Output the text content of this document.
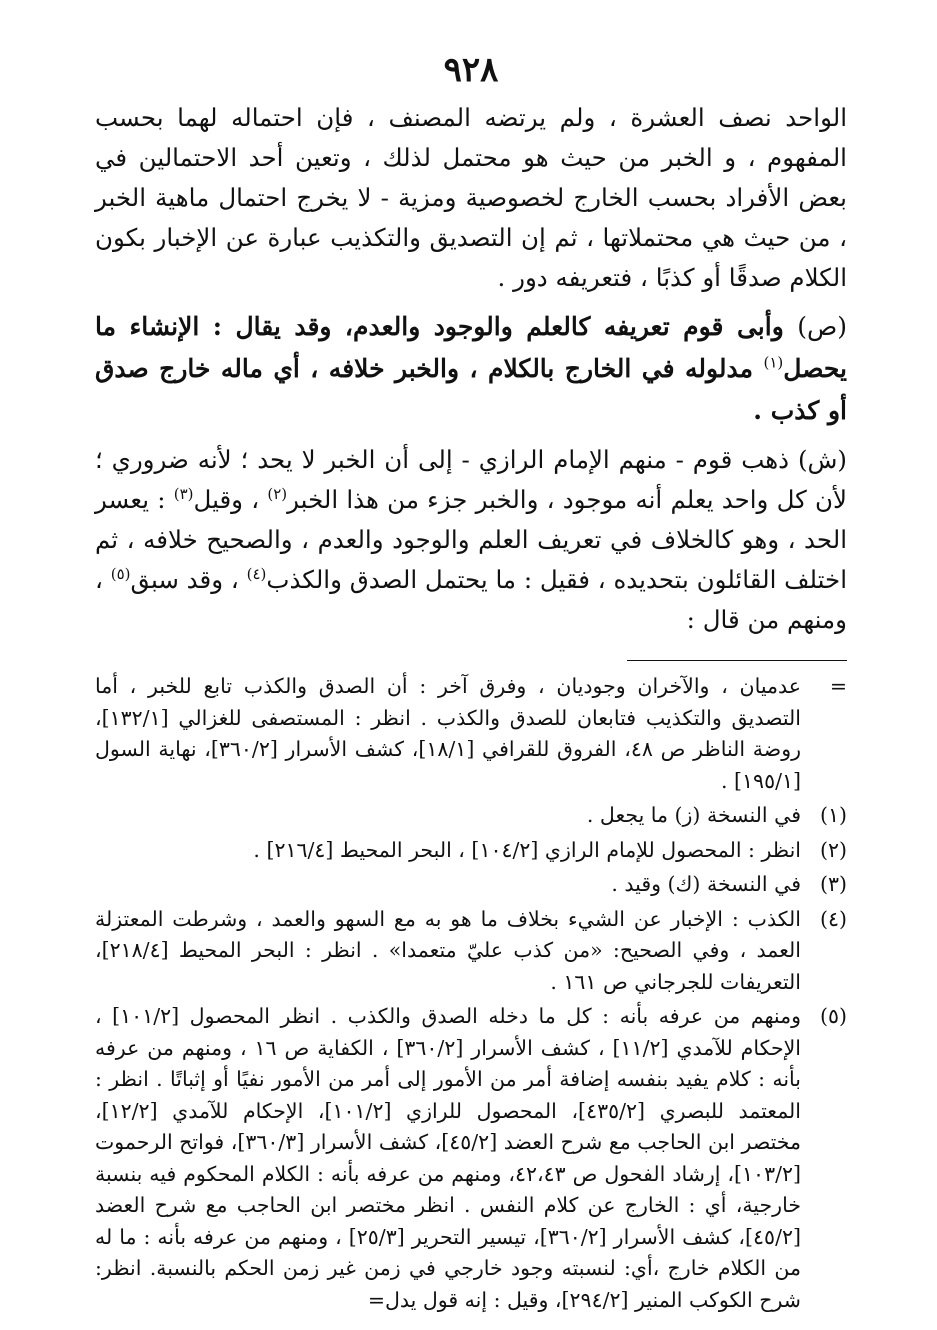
٩٢٨

الواحد نصف العشرة ، ولم يرتضه المصنف ، فإن احتماله لهما بحسب المفهوم ، و الخبر من حيث هو محتمل لذلك ، وتعين أحد الاحتمالين في بعض الأفراد بحسب الخارج لخصوصية ومزية - لا يخرج احتمال ماهية الخبر ، من حيث هي محتملاتها ، ثم إن التصديق والتكذيب عبارة عن الإخبار بكون الكلام صدقًا أو كذبًا ، فتعريفه دور .

(ص) وأبى قوم تعريفه كالعلم والوجود والعدم، وقد يقال : الإنشاء ما يحصل$^{(١)}$ مدلوله في الخارج بالكلام ، والخبر خلافه ، أي ماله خارج صدق أو كذب .

(ش) ذهب قوم - منهم الإمام الرازي - إلى أن الخبر لا يحد ؛ لأنه ضروري ؛ لأن كل واحد يعلم أنه موجود ، والخبر جزء من هذا الخبر$^{(٢)}$ ، وقيل$^{(٣)}$ : يعسر الحد ، وهو كالخلاف في تعريف العلم والوجود والعدم ، والصحيح خلافه ، ثم اختلف القائلون بتحديده ، فقيل : ما يحتمل الصدق والكذب$^{(٤)}$ ، وقد سبق$^{(٥)}$ ، ومنهم من قال :

=
عدميان ، والآخران وجوديان ، وفرق آخر : أن الصدق والكذب تابع للخبر ، أما التصديق والتكذيب فتابعان للصدق والكذب . انظر : المستصفى للغزالي [١٣٢/١]، روضة الناظر ص ٤٨، الفروق للقرافي [١٨/١]، كشف الأسرار [٣٦٠/٢]، نهاية السول [١٩٥/١] .
(١)
في النسخة (ز) ما يجعل .
(٢)
انظر : المحصول للإمام الرازي [١٠٤/٢] ، البحر المحيط [٢١٦/٤] .
(٣)
في النسخة (ك) وقيد .
(٤)
الكذب : الإخبار عن الشيء بخلاف ما هو به مع السهو والعمد ، وشرطت المعتزلة العمد ، وفي الصحيح: «من كذب عليّ متعمدا» . انظر : البحر المحيط [٢١٨/٤]، التعريفات للجرجاني ص ١٦١ .
(٥)
ومنهم من عرفه بأنه : كل ما دخله الصدق والكذب . انظر المحصول [١٠١/٢] ، الإحكام للآمدي [١١/٢] ، كشف الأسرار [٣٦٠/٢] ، الكفاية ص ١٦ ، ومنهم من عرفه بأنه : كلام يفيد بنفسه إضافة أمر من الأمور إلى أمر من الأمور نفيًا أو إثباتًا . انظر : المعتمد للبصري [٤٣٥/٢]، المحصول للرازي [١٠١/٢]، الإحكام للآمدي [١٢/٢]، مختصر ابن الحاجب مع شرح العضد [٤٥/٢]، كشف الأسرار [٣٦٠/٣]، فواتح الرحموت [١٠٣/٢]، إرشاد الفحول ص ٤٢،٤٣، ومنهم من عرفه بأنه : الكلام المحكوم فيه بنسبة خارجية، أي : الخارج عن كلام النفس . انظر مختصر ابن الحاجب مع شرح العضد [٤٥/٢]، كشف الأسرار [٣٦٠/٢]، تيسير التحرير [٢٥/٣] ، ومنهم من عرفه بأنه : ما له من الكلام خارج ،أي: لنسبته وجود خارجي في زمن غير زمن الحكم بالنسبة. انظر: شرح الكوكب المنير [٢٩٤/٢]، وقيل : إنه قول يدل=
